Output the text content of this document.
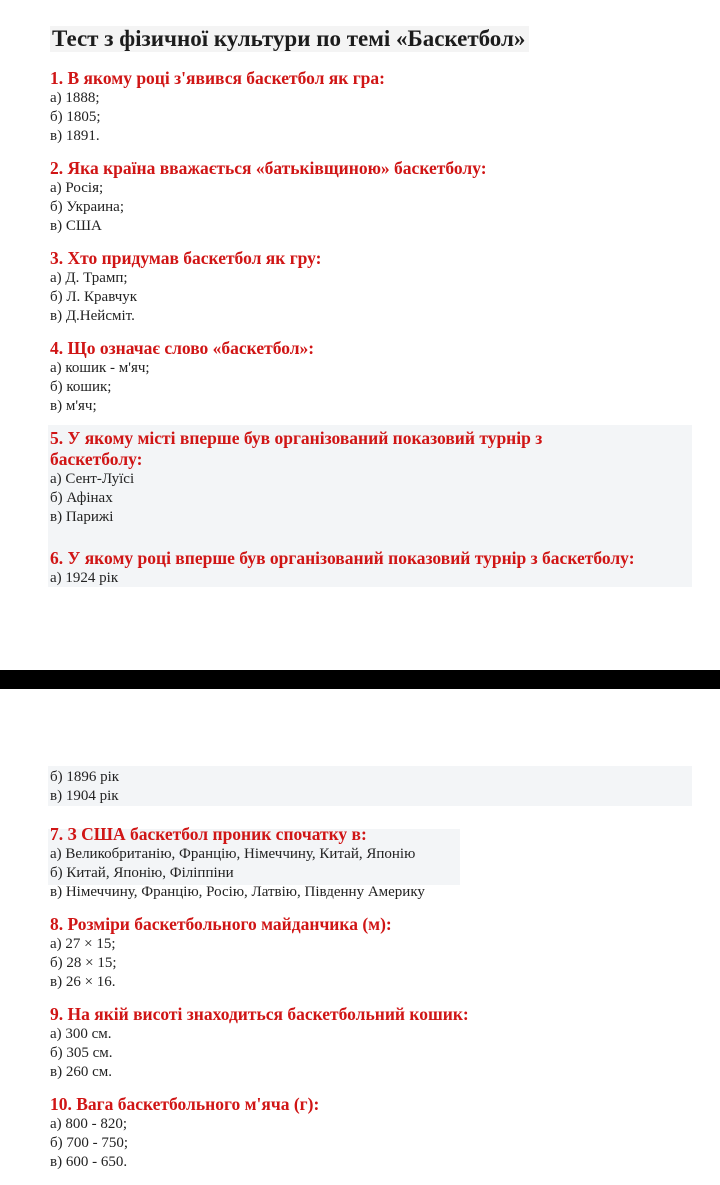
Тест з фізичної культури по темі «Баскетбол»
1. В якому році з'явився баскетбол як гра:
а) 1888;
б) 1805;
в) 1891.
2. Яка країна вважається «батьківщиною» баскетболу:
а) Росія;
б) Украина;
в) США
3. Хто придумав баскетбол як гру:
а) Д. Трамп;
б) Л. Кравчук
в) Д.Нейсміт.
4. Що означає слово «баскетбол»:
а) кошик - м'яч;
б) кошик;
в) м'яч;
5. У якому місті вперше був організований показовий турнір з
баскетболу:
а) Сент-Луїсі
б) Афінах
в) Парижі
6. У якому році вперше був організований показовий турнір з баскетболу:
а) 1924 рік
б) 1896 рік
в) 1904 рік
7. З США баскетбол проник спочатку в:
а) Великобританію, Францію, Німеччину, Китай, Японію
б) Китай, Японію, Філіппіни
в) Німеччину, Францію, Росію, Латвію, Південну Америку
8. Розміри баскетбольного майданчика (м):
а) 27 × 15;
б) 28 × 15;
в) 26 × 16.
9. На якій висоті знаходиться баскетбольний кошик:
а) 300 см.
б) 305 см.
в) 260 см.
10. Вага баскетбольного м'яча (г):
а) 800 - 820;
б) 700 - 750;
в) 600 - 650.
